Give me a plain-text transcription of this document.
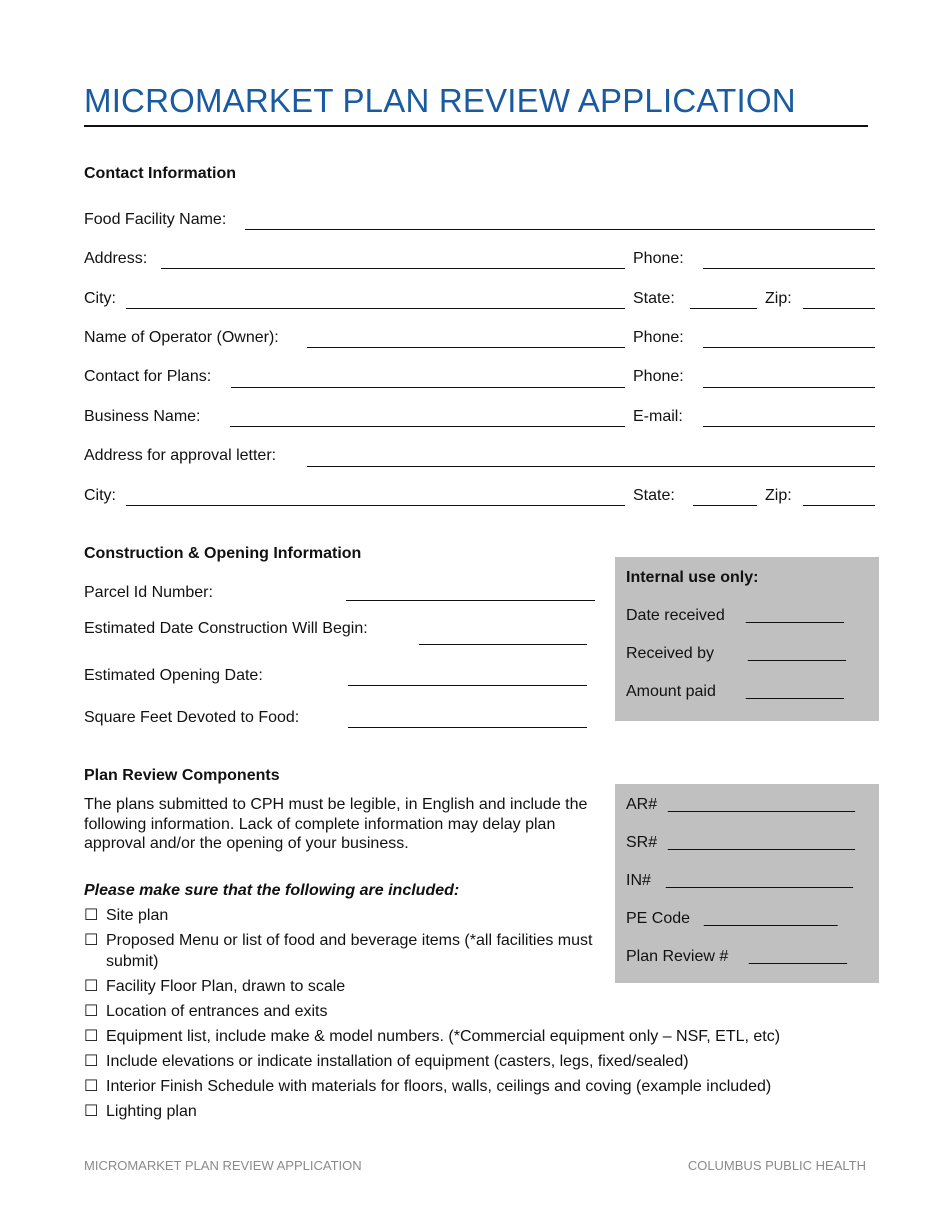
MICROMARKET PLAN REVIEW APPLICATION
Contact Information
Food Facility Name:
Address:	Phone:
City:	State:	Zip:
Name of Operator (Owner):	Phone:
Contact for Plans:	Phone:
Business Name:	E-mail:
Address for approval letter:
City:	State:	Zip:
Construction & Opening Information
Parcel Id Number:
Estimated Date Construction Will Begin:
Estimated Opening Date:
Square Feet Devoted to Food:
Internal use only:
Date received ___________
Received by ___________
Amount paid ___________
Plan Review Components
The plans submitted to CPH must be legible, in English and include the following information. Lack of complete information may delay plan approval and/or the opening of your business.
Please make sure that the following are included:
☐ Site plan
☐ Proposed Menu or list of food and beverage items (*all facilities must submit)
☐ Facility Floor Plan, drawn to scale
☐ Location of entrances and exits
☐ Equipment list, include make & model numbers. (*Commercial equipment only – NSF, ETL, etc)
☐ Include elevations or indicate installation of equipment (casters, legs, fixed/sealed)
☐ Interior Finish Schedule with materials for floors, walls, ceilings and coving (example included)
☐ Lighting plan
AR# _____________________
SR# _____________________
IN# _____________________
PE Code _______________
Plan Review # ___________
MICROMARKET PLAN REVIEW APPLICATION	COLUMBUS PUBLIC HEALTH
